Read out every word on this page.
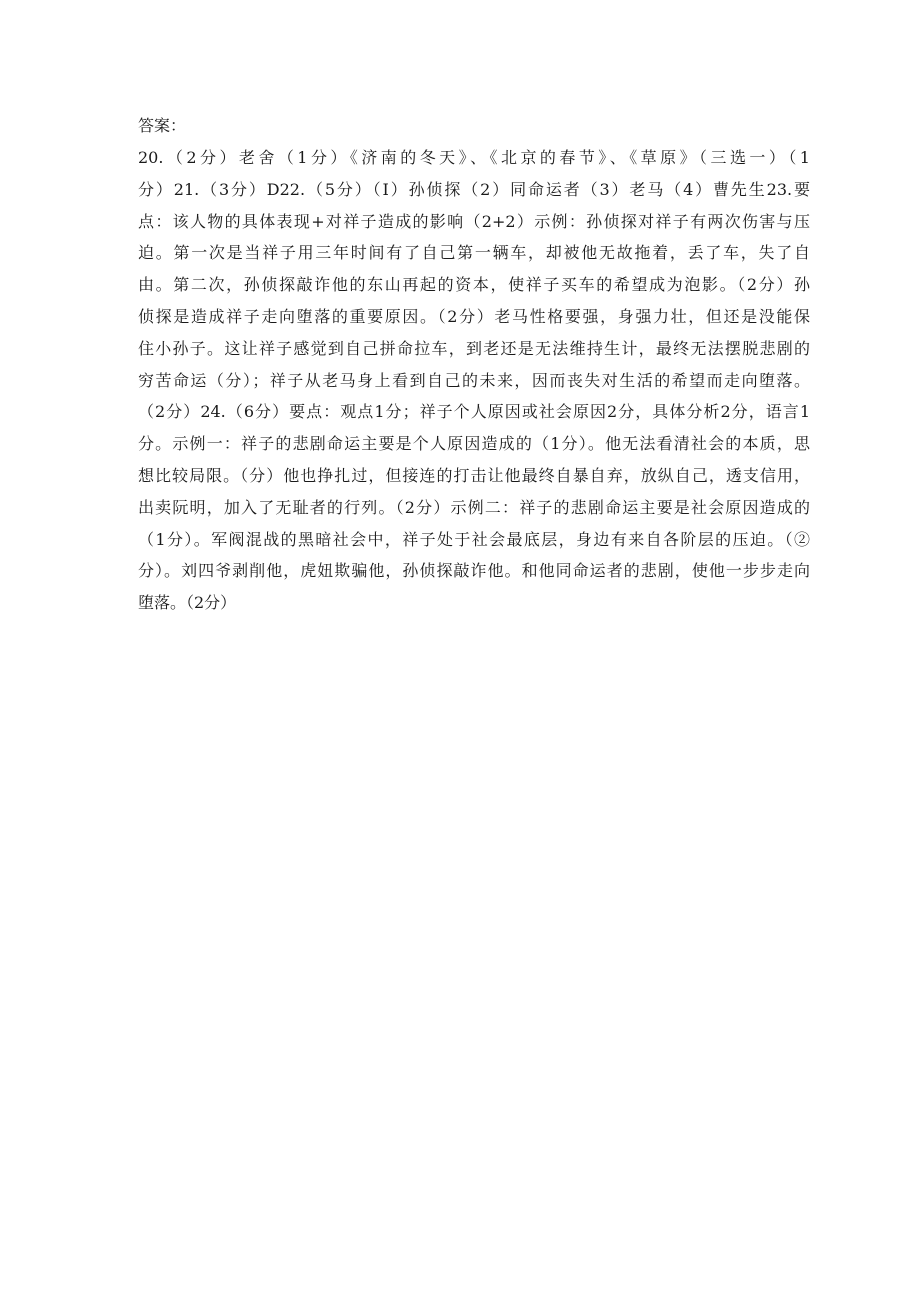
答案：
20.（2分）老舍（1分）《济南的冬天》、《北京的春节》、《草原》（三选一）（1
分）21.（3分）D22.（5分）（I）孙侦探（2）同命运者（3）老马（4）曹先生23.要
点：该人物的具体表现+对祥子造成的影响（2+2）示例：孙侦探对祥子有两次伤害与压
迫。第一次是当祥子用三年时间有了自己第一辆车，却被他无故拖着，丢了车，失了自
由。第二次，孙侦探敲诈他的东山再起的资本，使祥子买车的希望成为泡影。（2分）孙
侦探是造成祥子走向堕落的重要原因。（2分）老马性格要强，身强力壮，但还是没能保
住小孙子。这让祥子感觉到自己拼命拉车，到老还是无法维持生计，最终无法摆脱悲剧的
穷苦命运（分）；祥子从老马身上看到自己的未来，因而丧失对生活的希望而走向堕落。
（2分）24.（6分）要点：观点1分；祥子个人原因或社会原因2分，具体分析2分，语言1
分。示例一：祥子的悲剧命运主要是个人原因造成的（1分）。他无法看清社会的本质，思
想比较局限。（分）他也挣扎过，但接连的打击让他最终自暴自弃，放纵自己，透支信用，
出卖阮明，加入了无耻者的行列。（2分）示例二：祥子的悲剧命运主要是社会原因造成的
（1分）。军阀混战的黑暗社会中，祥子处于社会最底层，身边有来自各阶层的压迫。（②
分）。刘四爷剥削他，虎妞欺骗他，孙侦探敲诈他。和他同命运者的悲剧，使他一步步走向
堕落。（2分）
